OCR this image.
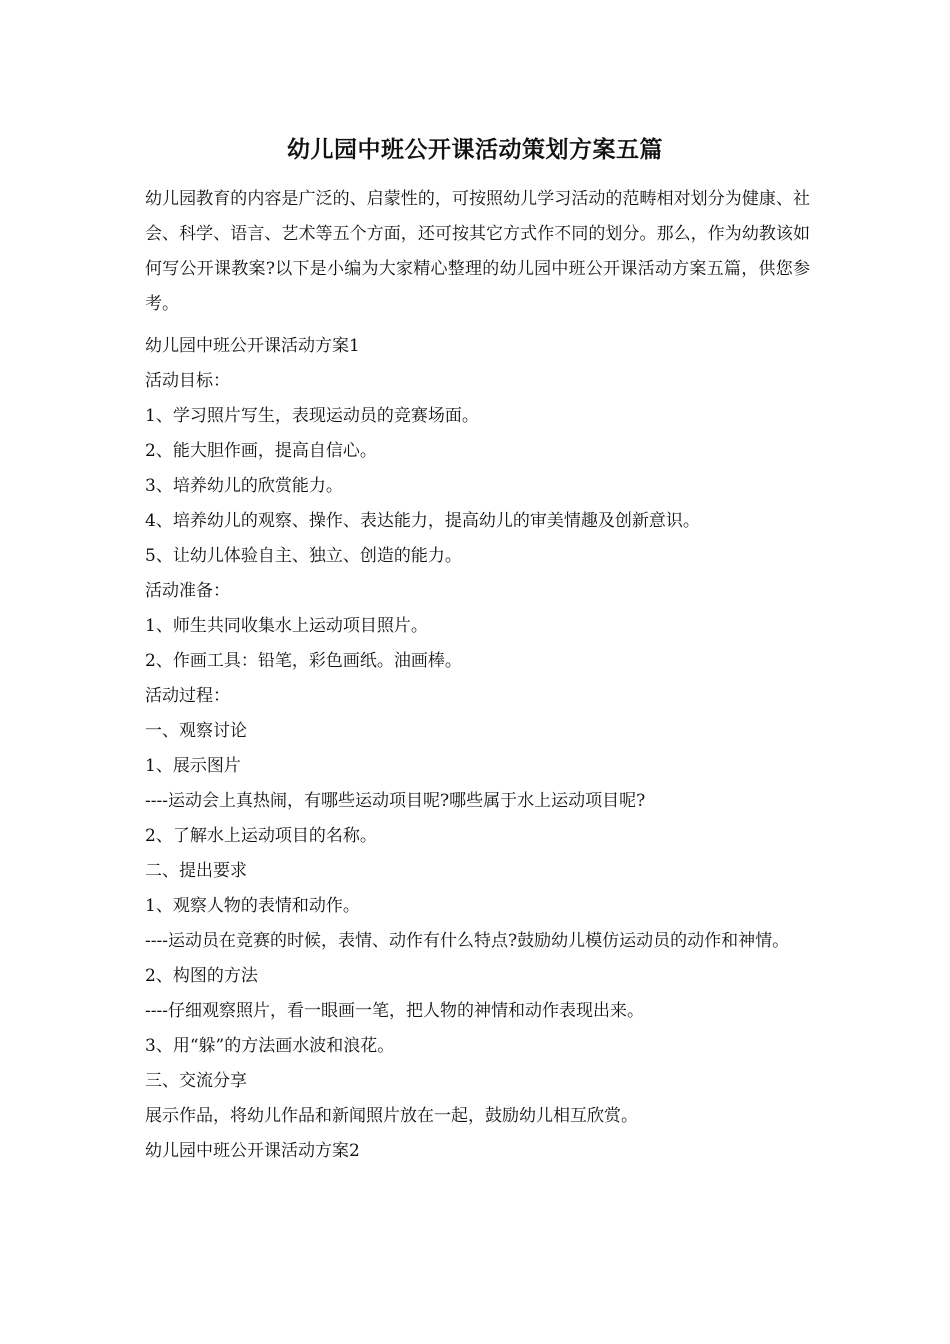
幼儿园中班公开课活动策划方案五篇
幼儿园教育的内容是广泛的、启蒙性的，可按照幼儿学习活动的范畴相对划分为健康、社会、科学、语言、艺术等五个方面，还可按其它方式作不同的划分。那么，作为幼教该如何写公开课教案?以下是小编为大家精心整理的幼儿园中班公开课活动方案五篇，供您参考。
幼儿园中班公开课活动方案1
活动目标：
1、学习照片写生，表现运动员的竞赛场面。
2、能大胆作画，提高自信心。
3、培养幼儿的欣赏能力。
4、培养幼儿的观察、操作、表达能力，提高幼儿的审美情趣及创新意识。
5、让幼儿体验自主、独立、创造的能力。
活动准备：
1、师生共同收集水上运动项目照片。
2、作画工具：铅笔，彩色画纸。油画棒。
活动过程：
一、观察讨论
1、展示图片
----运动会上真热闹，有哪些运动项目呢?哪些属于水上运动项目呢?
2、了解水上运动项目的名称。
二、提出要求
1、观察人物的表情和动作。
----运动员在竞赛的时候，表情、动作有什么特点?鼓励幼儿模仿运动员的动作和神情。
2、构图的方法
----仔细观察照片，看一眼画一笔，把人物的神情和动作表现出来。
3、用“躲”的方法画水波和浪花。
三、交流分享
展示作品，将幼儿作品和新闻照片放在一起，鼓励幼儿相互欣赏。
幼儿园中班公开课活动方案2
